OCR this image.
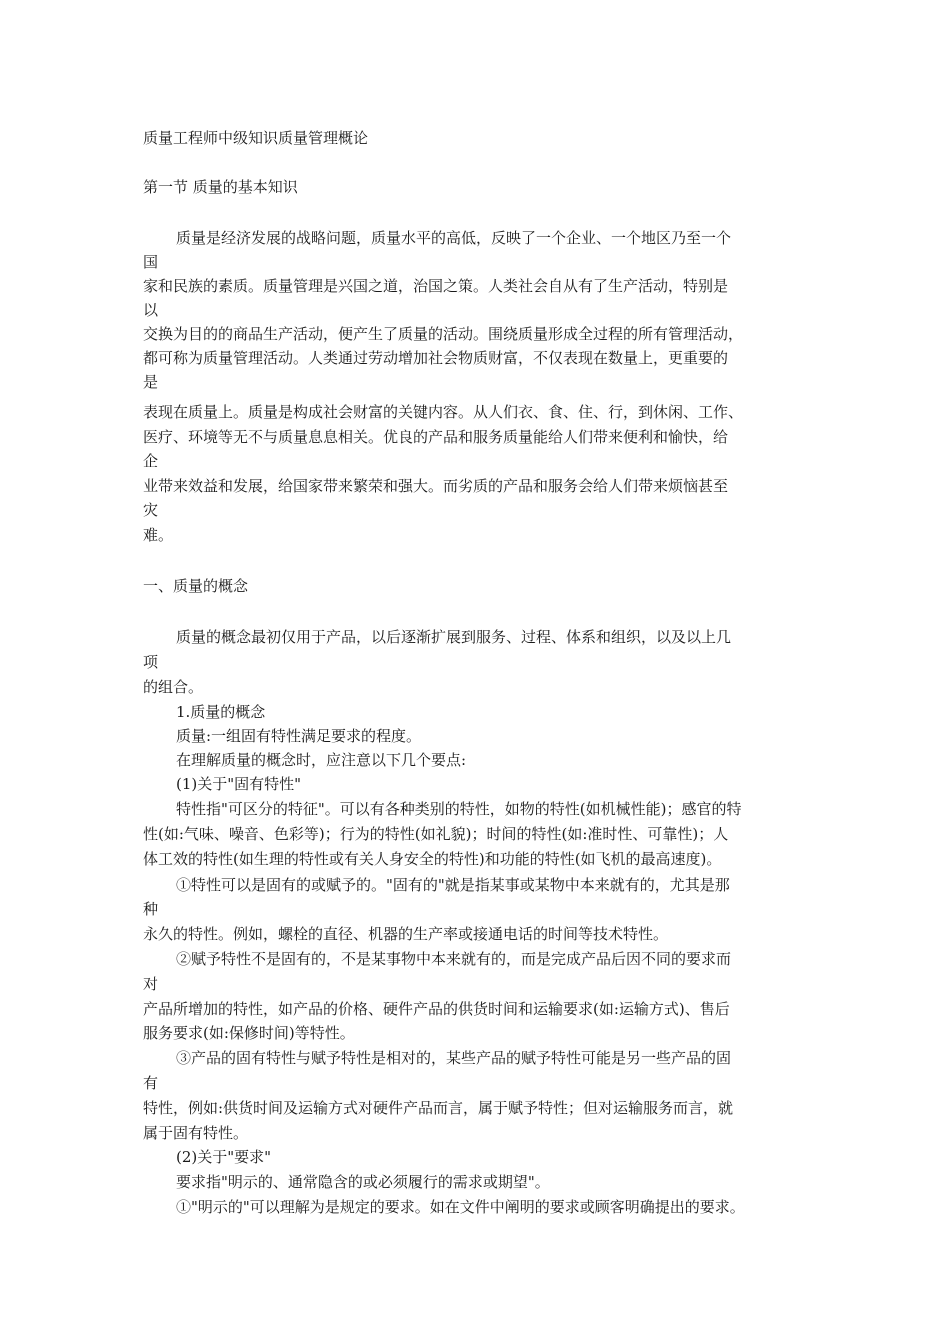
质量工程师中级知识质量管理概论
第一节 质量的基本知识
质量是经济发展的战略问题，质量水平的高低，反映了一个企业、一个地区乃至一个
国
家和民族的素质。质量管理是兴国之道，治国之策。人类社会自从有了生产活动，特别是
以
交换为目的的商品生产活动，便产生了质量的活动。围绕质量形成全过程的所有管理活动，
都可称为质量管理活动。人类通过劳动增加社会物质财富，不仅表现在数量上，更重要的
是
表现在质量上。质量是构成社会财富的关键内容。从人们衣、食、住、行，到休闲、工作、
医疗、环境等无不与质量息息相关。优良的产品和服务质量能给人们带来便利和愉快，给
企
业带来效益和发展，给国家带来繁荣和强大。而劣质的产品和服务会给人们带来烦恼甚至
灾
难。
一、质量的概念
质量的概念最初仅用于产品，以后逐渐扩展到服务、过程、体系和组织，以及以上几
项
的组合。
1.质量的概念
质量:一组固有特性满足要求的程度。
在理解质量的概念时，应注意以下几个要点:
(1)关于"固有特性"
特性指"可区分的特征"。可以有各种类别的特性，如物的特性(如机械性能)；感官的特
性(如:气味、噪音、色彩等)；行为的特性(如礼貌)；时间的特性(如:准时性、可靠性)；人
体工效的特性(如生理的特性或有关人身安全的特性)和功能的特性(如飞机的最高速度)。
①特性可以是固有的或赋予的。"固有的"就是指某事或某物中本来就有的，尤其是那
种
永久的特性。例如，螺栓的直径、机器的生产率或接通电话的时间等技术特性。
②赋予特性不是固有的，不是某事物中本来就有的，而是完成产品后因不同的要求而
对
产品所增加的特性，如产品的价格、硬件产品的供货时间和运输要求(如:运输方式)、售后
服务要求(如:保修时间)等特性。
③产品的固有特性与赋予特性是相对的，某些产品的赋予特性可能是另一些产品的固
有
特性，例如:供货时间及运输方式对硬件产品而言，属于赋予特性；但对运输服务而言，就
属于固有特性。
(2)关于"要求"
要求指"明示的、通常隐含的或必须履行的需求或期望"。
①"明示的"可以理解为是规定的要求。如在文件中阐明的要求或顾客明确提出的要求。
